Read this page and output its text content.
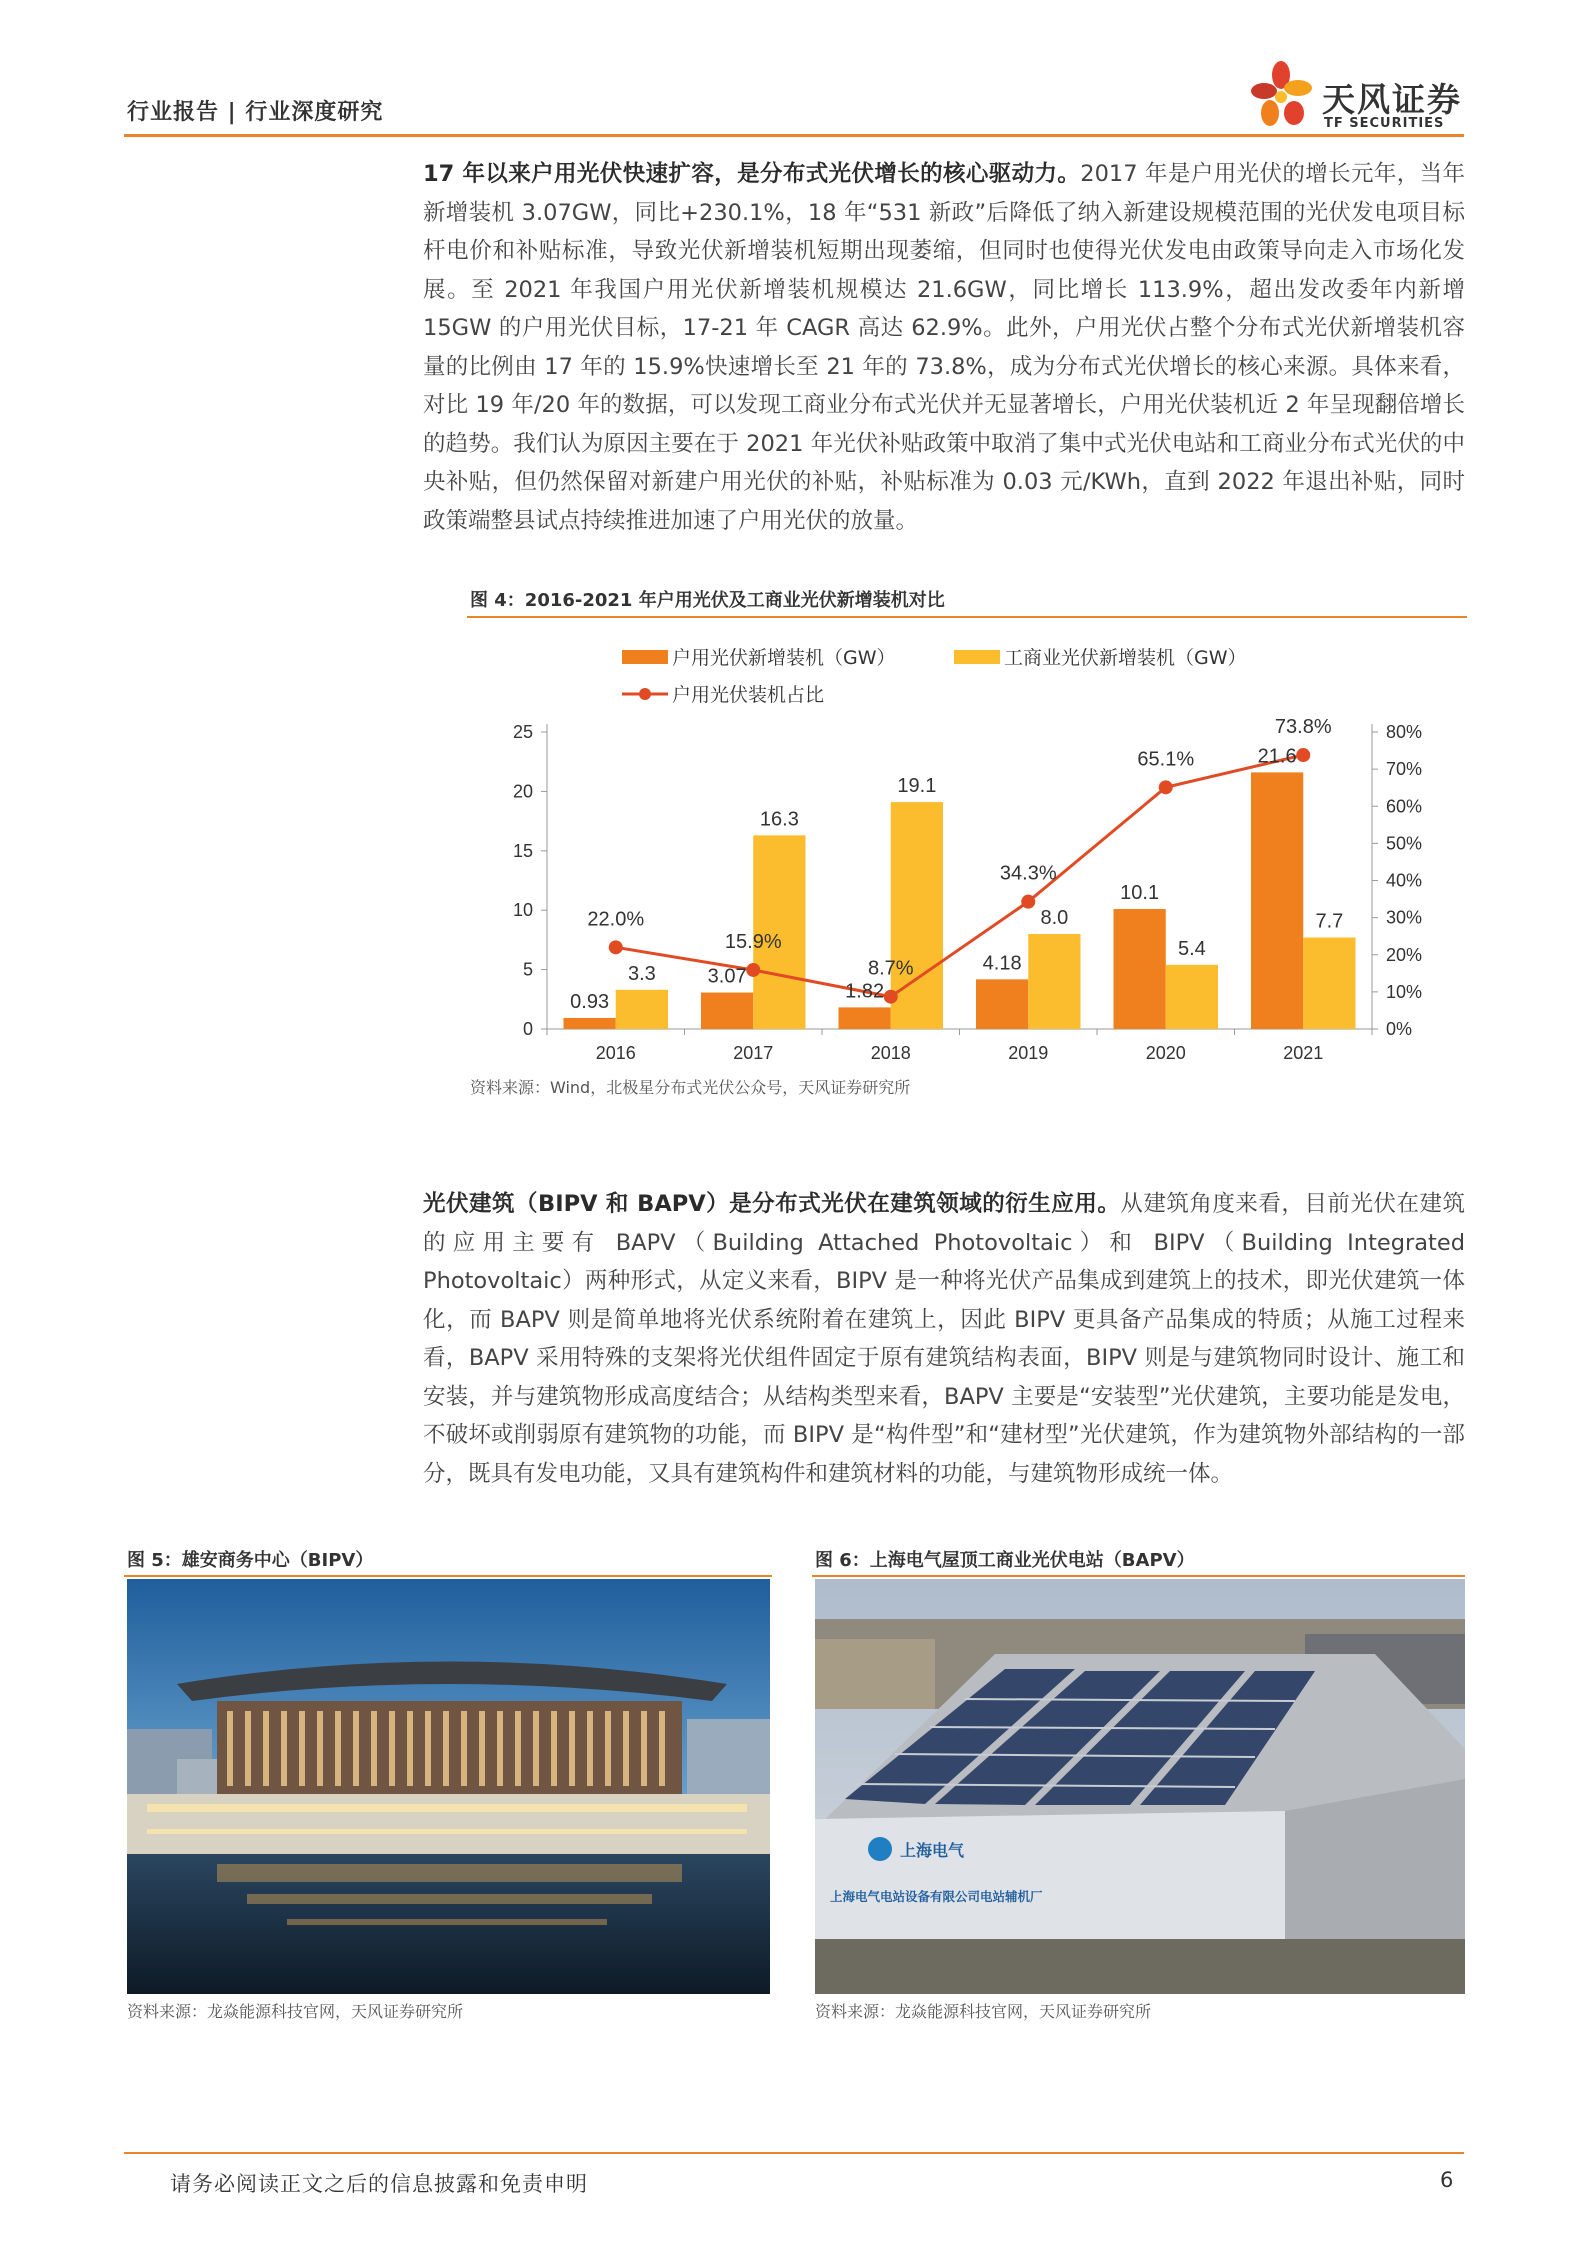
行业报告 | 行业深度研究	天风证券
TF SECURITIES
17 年以来户用光伏快速扩容，是分布式光伏增长的核心驱动力。2017 年是户用光伏的增长元年，当年新增装机 3.07GW，同比+230.1%，18 年“531 新政”后降低了纳入新建设规模范围的光伏发电项目标杆电价和补贴标准，导致光伏新增装机短期出现萎缩，但同时也使得光伏发电由政策导向走入市场化发展。至 2021 年我国户用光伏新增装机规模达 21.6GW，同比增长 113.9%，超出发改委年内新增 15GW 的户用光伏目标，17-21 年 CAGR 高达 62.9%。此外，户用光伏占整个分布式光伏新增装机容量的比例由 17 年的 15.9%快速增长至 21 年的 73.8%，成为分布式光伏增长的核心来源。具体来看，对比 19 年/20 年的数据，可以发现工商业分布式光伏并无显著增长，户用光伏装机近 2 年呈现翻倍增长的趋势。我们认为原因主要在于 2021 年光伏补贴政策中取消了集中式光伏电站和工商业分布式光伏的中央补贴，但仍然保留对新建户用光伏的补贴，补贴标准为 0.03 元/KWh，直到 2022 年退出补贴，同时政策端整县试点持续推进加速了户用光伏的放量。
图 4：2016-2021 年户用光伏及工商业光伏新增装机对比
户用光伏新增装机（GW）	工商业光伏新增装机（GW）
户用光伏装机占比
0
5
10
15
20
25
0%
10%
20%
30%
40%
50%
60%
70%
80%
2016	2017	2018	2019	2020	2021
0.93
3.3	3.07
16.3
1.82
19.1
4.18
8.0
10.1
5.4
21.6
7.7
22.0%
15.9%
8.7%
34.3%
65.1%
73.8%
资料来源：Wind，北极星分布式光伏公众号，天风证券研究所
光伏建筑（BIPV 和 BAPV）是分布式光伏在建筑领域的衍生应用。从建筑角度来看，目前光伏在建筑的应用主要有 BAPV（Building Attached Photovoltaic）和 BIPV（Building Integrated Photovoltaic）两种形式，从定义来看，BIPV 是一种将光伏产品集成到建筑上的技术，即光伏建筑一体化，而 BAPV 则是简单地将光伏系统附着在建筑上，因此 BIPV 更具备产品集成的特质；从施工过程来看，BAPV 采用特殊的支架将光伏组件固定于原有建筑结构表面，BIPV 则是与建筑物同时设计、施工和安装，并与建筑物形成高度结合；从结构类型来看，BAPV 主要是“安装型”光伏建筑，主要功能是发电，不破坏或削弱原有建筑物的功能，而 BIPV 是“构件型”和“建材型”光伏建筑，作为建筑物外部结构的一部分，既具有发电功能，又具有建筑构件和建筑材料的功能，与建筑物形成统一体。
图 5：雄安商务中心（BIPV）
资料来源：龙焱能源科技官网，天风证券研究所
图 6：上海电气屋顶工商业光伏电站（BAPV）
上海电气
上海电气电站设备有限公司电站辅机厂
资料来源：龙焱能源科技官网，天风证券研究所
请务必阅读正文之后的信息披露和免责申明	6
